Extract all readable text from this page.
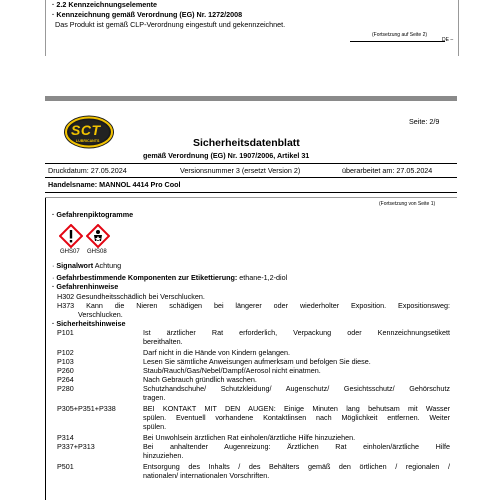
· 2.2 Kennzeichnungselemente
· Kennzeichnung gemäß Verordnung (EG) Nr. 1272/2008
Das Produkt ist gemäß CLP-Verordnung eingestuft und gekennzeichnet.
(Fortsetzung auf Seite 2)
DE –
SCT
LUBRICANTS
Seite: 2/9
Sicherheitsdatenblatt
gemäß Verordnung (EG) Nr. 1907/2006, Artikel 31
Druckdatum: 27.05.2024	Versionsnummer 3 (ersetzt Version 2)	überarbeitet am: 27.05.2024
Handelsname: MANNOL 4414 Pro Cool
(Fortsetzung von Seite 1)
· Gefahrenpiktogramme
GHS07 GHS08
· Signalwort Achtung
· Gefahrbestimmende Komponenten zur Etikettierung: ethane-1,2-diol
· Gefahrenhinweise
H302 Gesundheitsschädlich bei Verschlucken.
H373 Kann die Nieren schädigen bei längerer oder wiederholter Exposition. Expositionsweg:
Verschlucken.
· Sicherheitshinweise
P101	Ist ärztlicher Rat erforderlich, Verpackung oder Kennzeichnungsetikett
bereithalten.
P102	Darf nicht in die Hände von Kindern gelangen.
P103	Lesen Sie sämtliche Anweisungen aufmerksam und befolgen Sie diese.
P260	Staub/Rauch/Gas/Nebel/Dampf/Aerosol nicht einatmen.
P264	Nach Gebrauch gründlich waschen.
P280	Schutzhandschuhe/ Schutzkleidung/ Augenschutz/ Gesichtsschutz/ Gehörschutz
tragen.
P305+P351+P338	BEI KONTAKT MIT DEN AUGEN: Einige Minuten lang behutsam mit Wasser
spülen. Eventuell vorhandene Kontaktlinsen nach Möglichkeit entfernen. Weiter
spülen.
P314	Bei Unwohlsein ärztlichen Rat einholen/ärztliche Hilfe hinzuziehen.
P337+P313	Bei anhaltender Augenreizung: Ärztlichen Rat einholen/ärztliche Hilfe
hinzuziehen.
P501	Entsorgung des Inhalts / des Behälters gemäß den örtlichen / regionalen /
nationalen/ internationalen Vorschriften.
